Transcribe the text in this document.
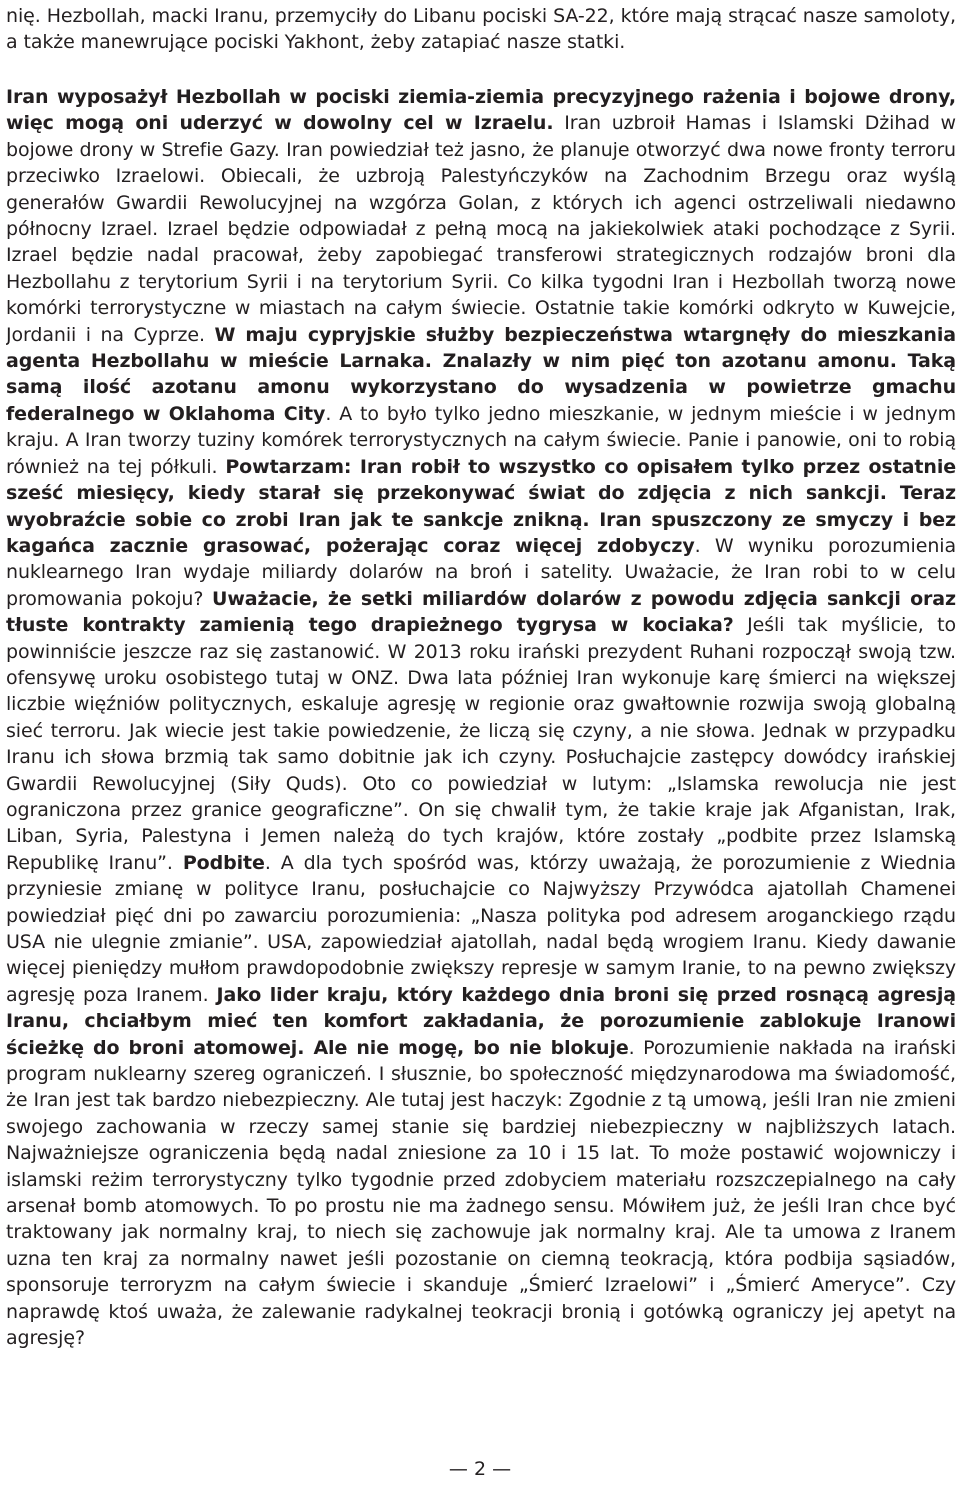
nię. Hezbollah, macki Iranu, przemyciły do Libanu pociski SA-22, które mają strącać nasze samoloty, a także manewrujące pociski Yakhont, żeby zatapiać nasze statki.

Iran wyposażył Hezbollah w pociski ziemia-ziemia precyzyjnego rażenia i bojowe drony, więc mogą oni uderzyć w dowolny cel w Izraelu. Iran uzbroił Hamas i Islamski Dżihad w bojowe drony w Strefie Gazy. Iran powiedział też jasno, że planuje otworzyć dwa nowe fronty terroru przeciwko Izraelowi. Obiecali, że uzbroją Palestyńczyków na Zachodnim Brzegu oraz wyślą generałów Gwardii Rewolucyjnej na wzgórza Golan, z których ich agenci ostrzeliwali niedawno północny Izrael. Izrael będzie odpowiadał z pełną mocą na jakiekolwiek ataki pochodzące z Syrii. Izrael będzie nadal pracował, żeby zapobiegać transferowi strategicznych rodzajów broni dla Hezbollahu z terytorium Syrii i na terytorium Syrii. Co kilka tygodni Iran i Hezbollah tworzą nowe komórki terrorystyczne w miastach na całym świecie. Ostatnie takie komórki odkryto w Kuwejcie, Jordanii i na Cyprze. W maju cypryjskie służby bezpieczeństwa wtargnęły do mieszkania agenta Hezbollahu w mieście Larnaka. Znalazły w nim pięć ton azotanu amonu. Taką samą ilość azotanu amonu wykorzystano do wysadzenia w powietrze gmachu federalnego w Oklahoma City. A to było tylko jedno mieszkanie, w jednym mieście i w jednym kraju. A Iran tworzy tuziny komórek terrorystycznych na całym świecie. Panie i panowie, oni to robią również na tej półkuli. Powtarzam: Iran robił to wszystko co opisałem tylko przez ostatnie sześć miesięcy, kiedy starał się przekonywać świat do zdjęcia z nich sankcji. Teraz wyobraźcie sobie co zrobi Iran jak te sankcje znikną. Iran spuszczony ze smyczy i bez kagańca zacznie grasować, pożerając coraz więcej zdobyczy. W wyniku porozumienia nuklearnego Iran wydaje miliardy dolarów na broń i satelity. Uważacie, że Iran robi to w celu promowania pokoju? Uważacie, że setki miliardów dolarów z powodu zdjęcia sankcji oraz tłuste kontrakty zamienią tego drapieżnego tygrysa w kociaka? Jeśli tak myślicie, to powinniście jeszcze raz się zastanowić. W 2013 roku irański prezydent Ruhani rozpoczął swoją tzw. ofensywę uroku osobistego tutaj w ONZ. Dwa lata później Iran wykonuje karę śmierci na większej liczbie więźniów politycznych, eskaluje agresję w regionie oraz gwałtownie rozwija swoją globalną sieć terroru. Jak wiecie jest takie powiedzenie, że liczą się czyny, a nie słowa. Jednak w przypadku Iranu ich słowa brzmią tak samo dobitnie jak ich czyny. Posłuchajcie zastępcy dowódcy irańskiej Gwardii Rewolucyjnej (Siły Quds). Oto co powiedział w lutym: „Islamska rewolucja nie jest ograniczona przez granice geograficzne”. On się chwalił tym, że takie kraje jak Afganistan, Irak, Liban, Syria, Palestyna i Jemen należą do tych krajów, które zostały „podbite przez Islamską Republikę Iranu”. Podbite. A dla tych spośród was, którzy uważają, że porozumienie z Wiednia przyniesie zmianę w polityce Iranu, posłuchajcie co Najwyższy Przywódca ajatollah Chamenei powiedział pięć dni po zawarciu porozumienia: „Nasza polityka pod adresem aroganckiego rządu USA nie ulegnie zmianie”. USA, zapowiedział ajatollah, nadal będą wrogiem Iranu. Kiedy dawanie więcej pieniędzy mułłom prawdopodobnie zwiększy represje w samym Iranie, to na pewno zwiększy agresję poza Iranem. Jako lider kraju, który każdego dnia broni się przed rosnącą agresją Iranu, chciałbym mieć ten komfort zakładania, że porozumienie zablokuje Iranowi ścieżkę do broni atomowej. Ale nie mogę, bo nie blokuje. Porozumienie nakłada na irański program nuklearny szereg ograniczeń. I słusznie, bo społeczność międzynarodowa ma świadomość, że Iran jest tak bardzo niebezpieczny. Ale tutaj jest haczyk: Zgodnie z tą umową, jeśli Iran nie zmieni swojego zachowania w rzeczy samej stanie się bardziej niebezpieczny w najbliższych latach. Najważniejsze ograniczenia będą nadal zniesione za 10 i 15 lat. To może postawić wojowniczy i islamski reżim terrorystyczny tylko tygodnie przed zdobyciem materiału rozszczepialnego na cały arsenał bomb atomowych. To po prostu nie ma żadnego sensu. Mówiłem już, że jeśli Iran chce być traktowany jak normalny kraj, to niech się zachowuje jak normalny kraj. Ale ta umowa z Iranem uzna ten kraj za normalny nawet jeśli pozostanie on ciemną teokracją, która podbija sąsiadów, sponsoruje terroryzm na całym świecie i skanduje „Śmierć Izraelowi” i „Śmierć Ameryce”. Czy naprawdę ktoś uważa, że zalewanie radykalnej teokracji bronią i gotówką ograniczy jej apetyt na agresję?

— 2 —
